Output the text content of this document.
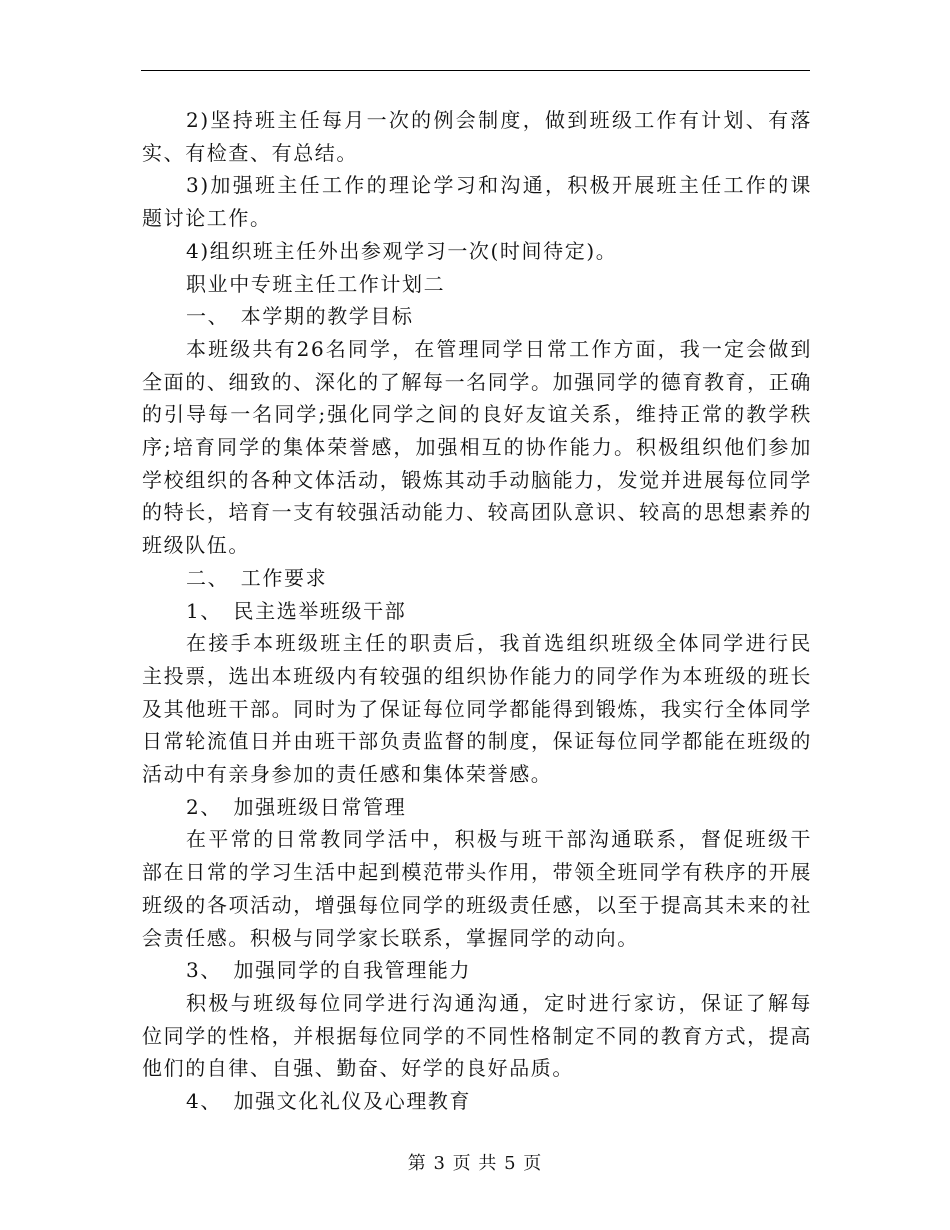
2)坚持班主任每月一次的例会制度，做到班级工作有计划、有落实、有检查、有总结。

3)加强班主任工作的理论学习和沟通，积极开展班主任工作的课题讨论工作。

4)组织班主任外出参观学习一次(时间待定)。

职业中专班主任工作计划二

一、　本学期的教学目标

本班级共有26名同学，在管理同学日常工作方面，我一定会做到全面的、细致的、深化的了解每一名同学。加强同学的德育教育，正确的引导每一名同学;强化同学之间的良好友谊关系，维持正常的教学秩序;培育同学的集体荣誉感，加强相互的协作能力。积极组织他们参加学校组织的各种文体活动，锻炼其动手动脑能力，发觉并进展每位同学的特长，培育一支有较强活动能力、较高团队意识、较高的思想素养的班级队伍。

二、　工作要求

1、　民主选举班级干部

在接手本班级班主任的职责后，我首选组织班级全体同学进行民主投票，选出本班级内有较强的组织协作能力的同学作为本班级的班长及其他班干部。同时为了保证每位同学都能得到锻炼，我实行全体同学日常轮流值日并由班干部负责监督的制度，保证每位同学都能在班级的活动中有亲身参加的责任感和集体荣誉感。

2、　加强班级日常管理

在平常的日常教同学活中，积极与班干部沟通联系，督促班级干部在日常的学习生活中起到模范带头作用，带领全班同学有秩序的开展班级的各项活动，增强每位同学的班级责任感，以至于提高其未来的社会责任感。积极与同学家长联系，掌握同学的动向。

3、　加强同学的自我管理能力

积极与班级每位同学进行沟通沟通，定时进行家访，保证了解每位同学的性格，并根据每位同学的不同性格制定不同的教育方式，提高他们的自律、自强、勤奋、好学的良好品质。

4、　加强文化礼仪及心理教育

第 3 页 共 5 页
